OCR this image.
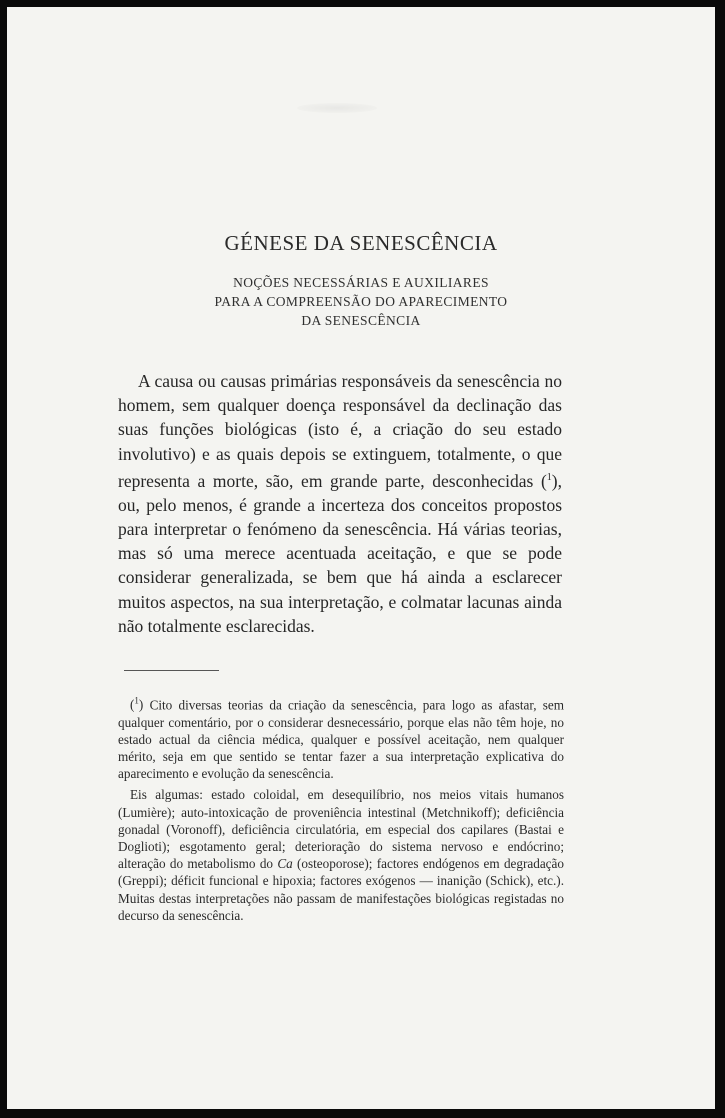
GÉNESE DA SENESCÊNCIA
NOÇÕES NECESSÁRIAS E AUXILIARES
PARA A COMPREENSÃO DO APARECIMENTO
DA SENESCÊNCIA

A causa ou causas primárias responsáveis da senescência no homem, sem qualquer doença responsável da declinação das suas funções biológicas (isto é, a criação do seu estado involutivo) e as quais depois se extinguem, totalmente, o que representa a morte, são, em grande parte, desconhecidas ($^1$), ou, pelo menos, é grande a incerteza dos conceitos propostos para interpretar o fenómeno da senescência. Há várias teorias, mas só uma merece acentuada aceitação, e que se pode considerar generalizada, se bem que há ainda a esclarecer muitos aspectos, na sua interpretação, e colmatar lacunas ainda não totalmente esclarecidas.

($^1$) Cito diversas teorias da criação da senescência, para logo as afastar, sem qualquer comentário, por o considerar desnecessário, porque elas não têm hoje, no estado actual da ciência médica, qualquer e possível aceitação, nem qualquer mérito, seja em que sentido se tentar fazer a sua interpretação explicativa do aparecimento e evolução da senescência.

Eis algumas: estado coloidal, em desequilíbrio, nos meios vitais humanos (Lumière); auto-intoxicação de proveniência intestinal (Metchnikoff); deficiência gonadal (Voronoff), deficiência circulatória, em especial dos capilares (Bastai e Doglioti); esgotamento geral; deterioração do sistema nervoso e endócrino; alteração do metabolismo do Ca (osteoporose); factores endógenos em degradação (Greppi); déficit funcional e hipoxia; factores exógenos — inanição (Schick), etc.). Muitas destas interpretações não passam de manifestações biológicas registadas no decurso da senescência.
